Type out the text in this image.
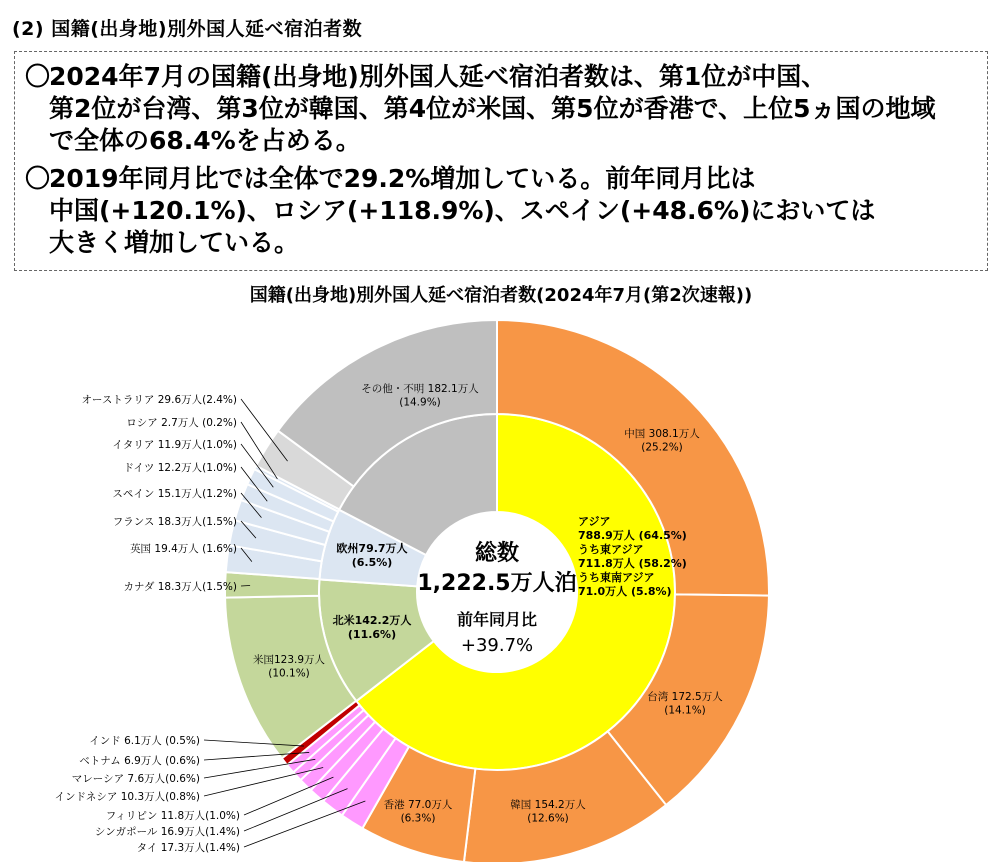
(2) 国籍(出身地)別外国人延べ宿泊者数
〇2024年7月の国籍(出身地)別外国人延べ宿泊者数は、第1位が中国、
第2位が台湾、第3位が韓国、第4位が米国、第5位が香港で、上位5ヵ国の地域
で全体の68.4%を占める。
〇2019年同月比では全体で29.2%増加している。前年同月比は
中国(+120.1%)、ロシア(+118.9%)、スペイン(+48.6%)においては
大きく増加している。
国籍(出身地)別外国人延べ宿泊者数(2024年7月(第2次速報))
アジア
788.9万人 (64.5%)
うち東アジア
711.8万人 (58.2%)
うち東南アジア
71.0万人 (5.8%)
北米142.2万人
(11.6%)
欧州79.7万人
(6.5%)
中国 308.1万人
(25.2%)
台湾 172.5万人
(14.1%)
韓国 154.2万人
(12.6%)
香港 77.0万人
(6.3%)
米国123.9万人
(10.1%)
その他・不明 182.1万人
(14.9%)
タイ 17.3万人(1.4%)
シンガポール 16.9万人(1.4%)
フィリピン 11.8万人(1.0%)
インドネシア 10.3万人(0.8%)
マレーシア 7.6万人(0.6%)
ベトナム 6.9万人 (0.6%)
インド 6.1万人 (0.5%)
カナダ 18.3万人(1.5%)
英国 19.4万人 (1.6%)
フランス 18.3万人(1.5%)
スペイン 15.1万人(1.2%)
ドイツ 12.2万人(1.0%)
イタリア 11.9万人(1.0%)
ロシア 2.7万人 (0.2%)
オーストラリア 29.6万人(2.4%)
総数
1,222.5万人泊
前年同月比
+39.7%
